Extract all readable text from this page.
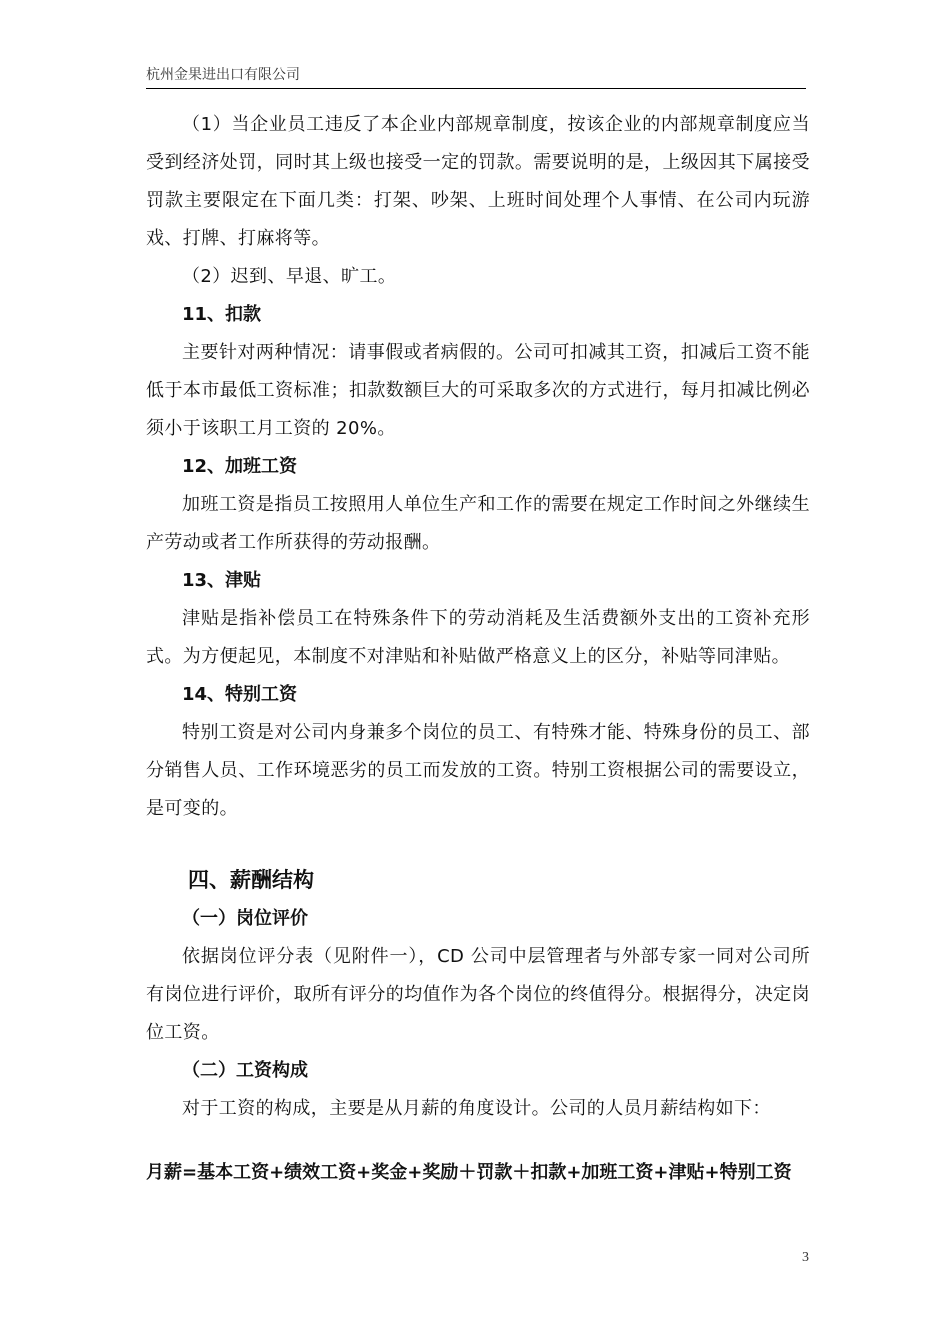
杭州金果进出口有限公司

（1）当企业员工违反了本企业内部规章制度，按该企业的内部规章制度应当受到经济处罚，同时其上级也接受一定的罚款。需要说明的是，上级因其下属接受罚款主要限定在下面几类：打架、吵架、上班时间处理个人事情、在公司内玩游戏、打牌、打麻将等。

（2）迟到、早退、旷工。

11、扣款

主要针对两种情况：请事假或者病假的。公司可扣减其工资，扣减后工资不能低于本市最低工资标准；扣款数额巨大的可采取多次的方式进行，每月扣减比例必须小于该职工月工资的 20%。

12、加班工资

加班工资是指员工按照用人单位生产和工作的需要在规定工作时间之外继续生产劳动或者工作所获得的劳动报酬。

13、津贴

津贴是指补偿员工在特殊条件下的劳动消耗及生活费额外支出的工资补充形式。为方便起见，本制度不对津贴和补贴做严格意义上的区分，补贴等同津贴。

14、特别工资

特别工资是对公司内身兼多个岗位的员工、有特殊才能、特殊身份的员工、部分销售人员、工作环境恶劣的员工而发放的工资。特别工资根据公司的需要设立，是可变的。

四、薪酬结构

（一）岗位评价

依据岗位评分表（见附件一），CD 公司中层管理者与外部专家一同对公司所有岗位进行评价，取所有评分的均值作为各个岗位的终值得分。根据得分，决定岗位工资。

（二）工资构成

对于工资的构成，主要是从月薪的角度设计。公司的人员月薪结构如下：

月薪=基本工资+绩效工资+奖金+奖励＋罚款＋扣款+加班工资+津贴+特别工资

3
